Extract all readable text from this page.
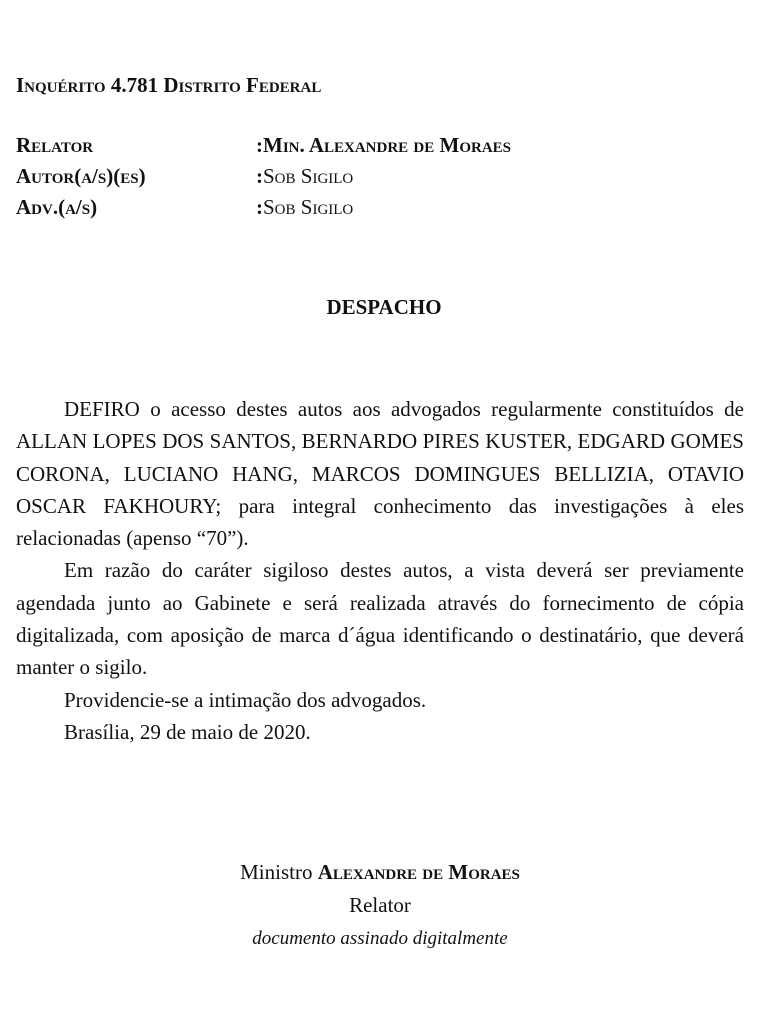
Inquérito 4.781 Distrito Federal
Relator	:Min. Alexandre de Moraes
Autor(a/s)(es)	:Sob Sigilo
Adv.(a/s)	:Sob Sigilo
DESPACHO

DEFIRO o acesso destes autos aos advogados regularmente constituídos de ALLAN LOPES DOS SANTOS, BERNARDO PIRES KUSTER, EDGARD GOMES CORONA, LUCIANO HANG, MARCOS DOMINGUES BELLIZIA, OTAVIO OSCAR FAKHOURY; para integral conhecimento das investigações à eles relacionadas (apenso “70”).

Em razão do caráter sigiloso destes autos, a vista deverá ser previamente agendada junto ao Gabinete e será realizada através do fornecimento de cópia digitalizada, com aposição de marca d´água identificando o destinatário, que deverá manter o sigilo.

Providencie-se a intimação dos advogados.

Brasília, 29 de maio de 2020.

Ministro Alexandre de Moraes
Relator
documento assinado digitalmente
